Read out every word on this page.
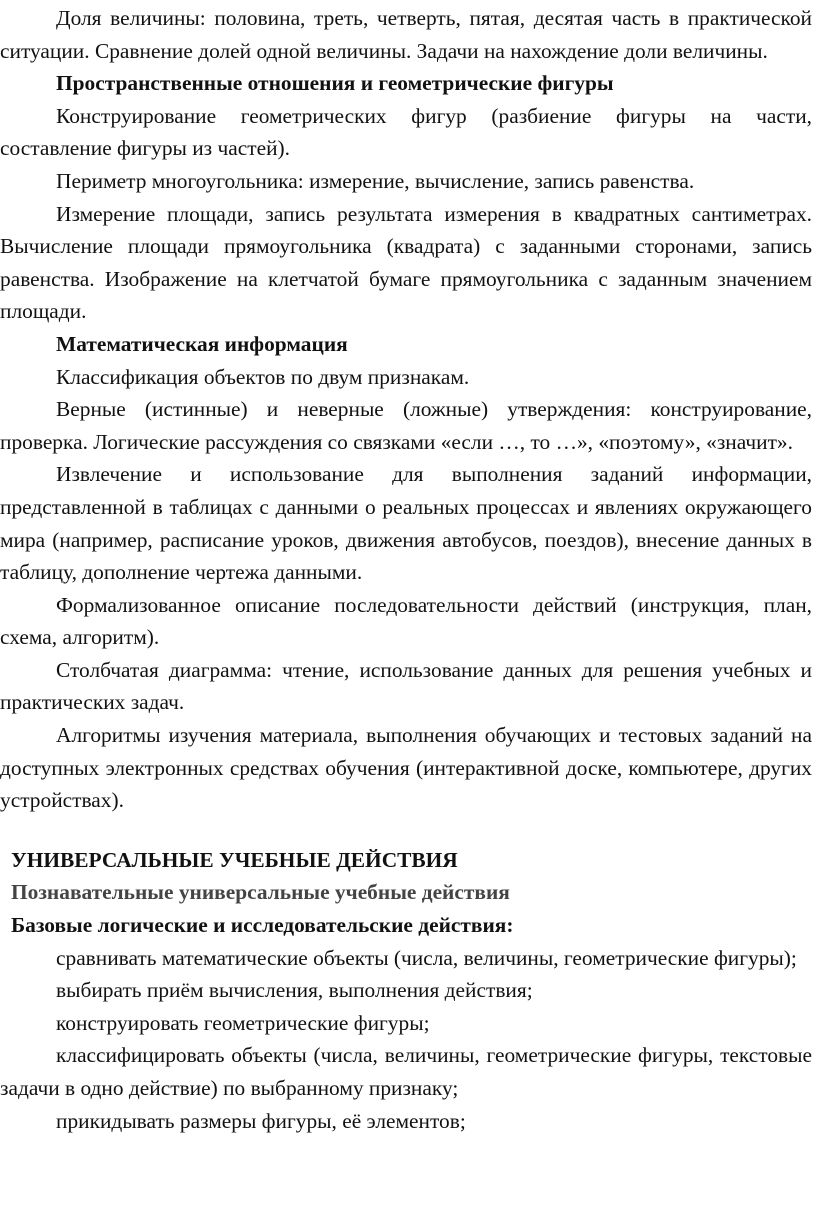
Доля величины: половина, треть, четверть, пятая, десятая часть в практической ситуации. Сравнение долей одной величины. Задачи на нахождение доли величины.

Пространственные отношения и геометрические фигуры

Конструирование геометрических фигур (разбиение фигуры на части, составление фигуры из частей).

Периметр многоугольника: измерение, вычисление, запись равенства.

Измерение площади, запись результата измерения в квадратных сантиметрах. Вычисление площади прямоугольника (квадрата) с заданными сторонами, запись равенства. Изображение на клетчатой бумаге прямоугольника с заданным значением площади.

Математическая информация

Классификация объектов по двум признакам.

Верные (истинные) и неверные (ложные) утверждения: конструирование, проверка. Логические рассуждения со связками «если …, то …», «поэтому», «значит».

Извлечение и использование для выполнения заданий информации, представленной в таблицах с данными о реальных процессах и явлениях окружающего мира (например, расписание уроков, движения автобусов, поездов), внесение данных в таблицу, дополнение чертежа данными.

Формализованное описание последовательности действий (инструкция, план, схема, алгоритм).

Столбчатая диаграмма: чтение, использование данных для решения учебных и практических задач.

Алгоритмы изучения материала, выполнения обучающих и тестовых заданий на доступных электронных средствах обучения (интерактивной доске, компьютере, других устройствах).

УНИВЕРСАЛЬНЫЕ УЧЕБНЫЕ ДЕЙСТВИЯ
Познавательные универсальные учебные действия
Базовые логические и исследовательские действия:

сравнивать математические объекты (числа, величины, геометрические фигуры);

выбирать приём вычисления, выполнения действия;

конструировать геометрические фигуры;

классифицировать объекты (числа, величины, геометрические фигуры, текстовые задачи в одно действие) по выбранному признаку;

прикидывать размеры фигуры, её элементов;
